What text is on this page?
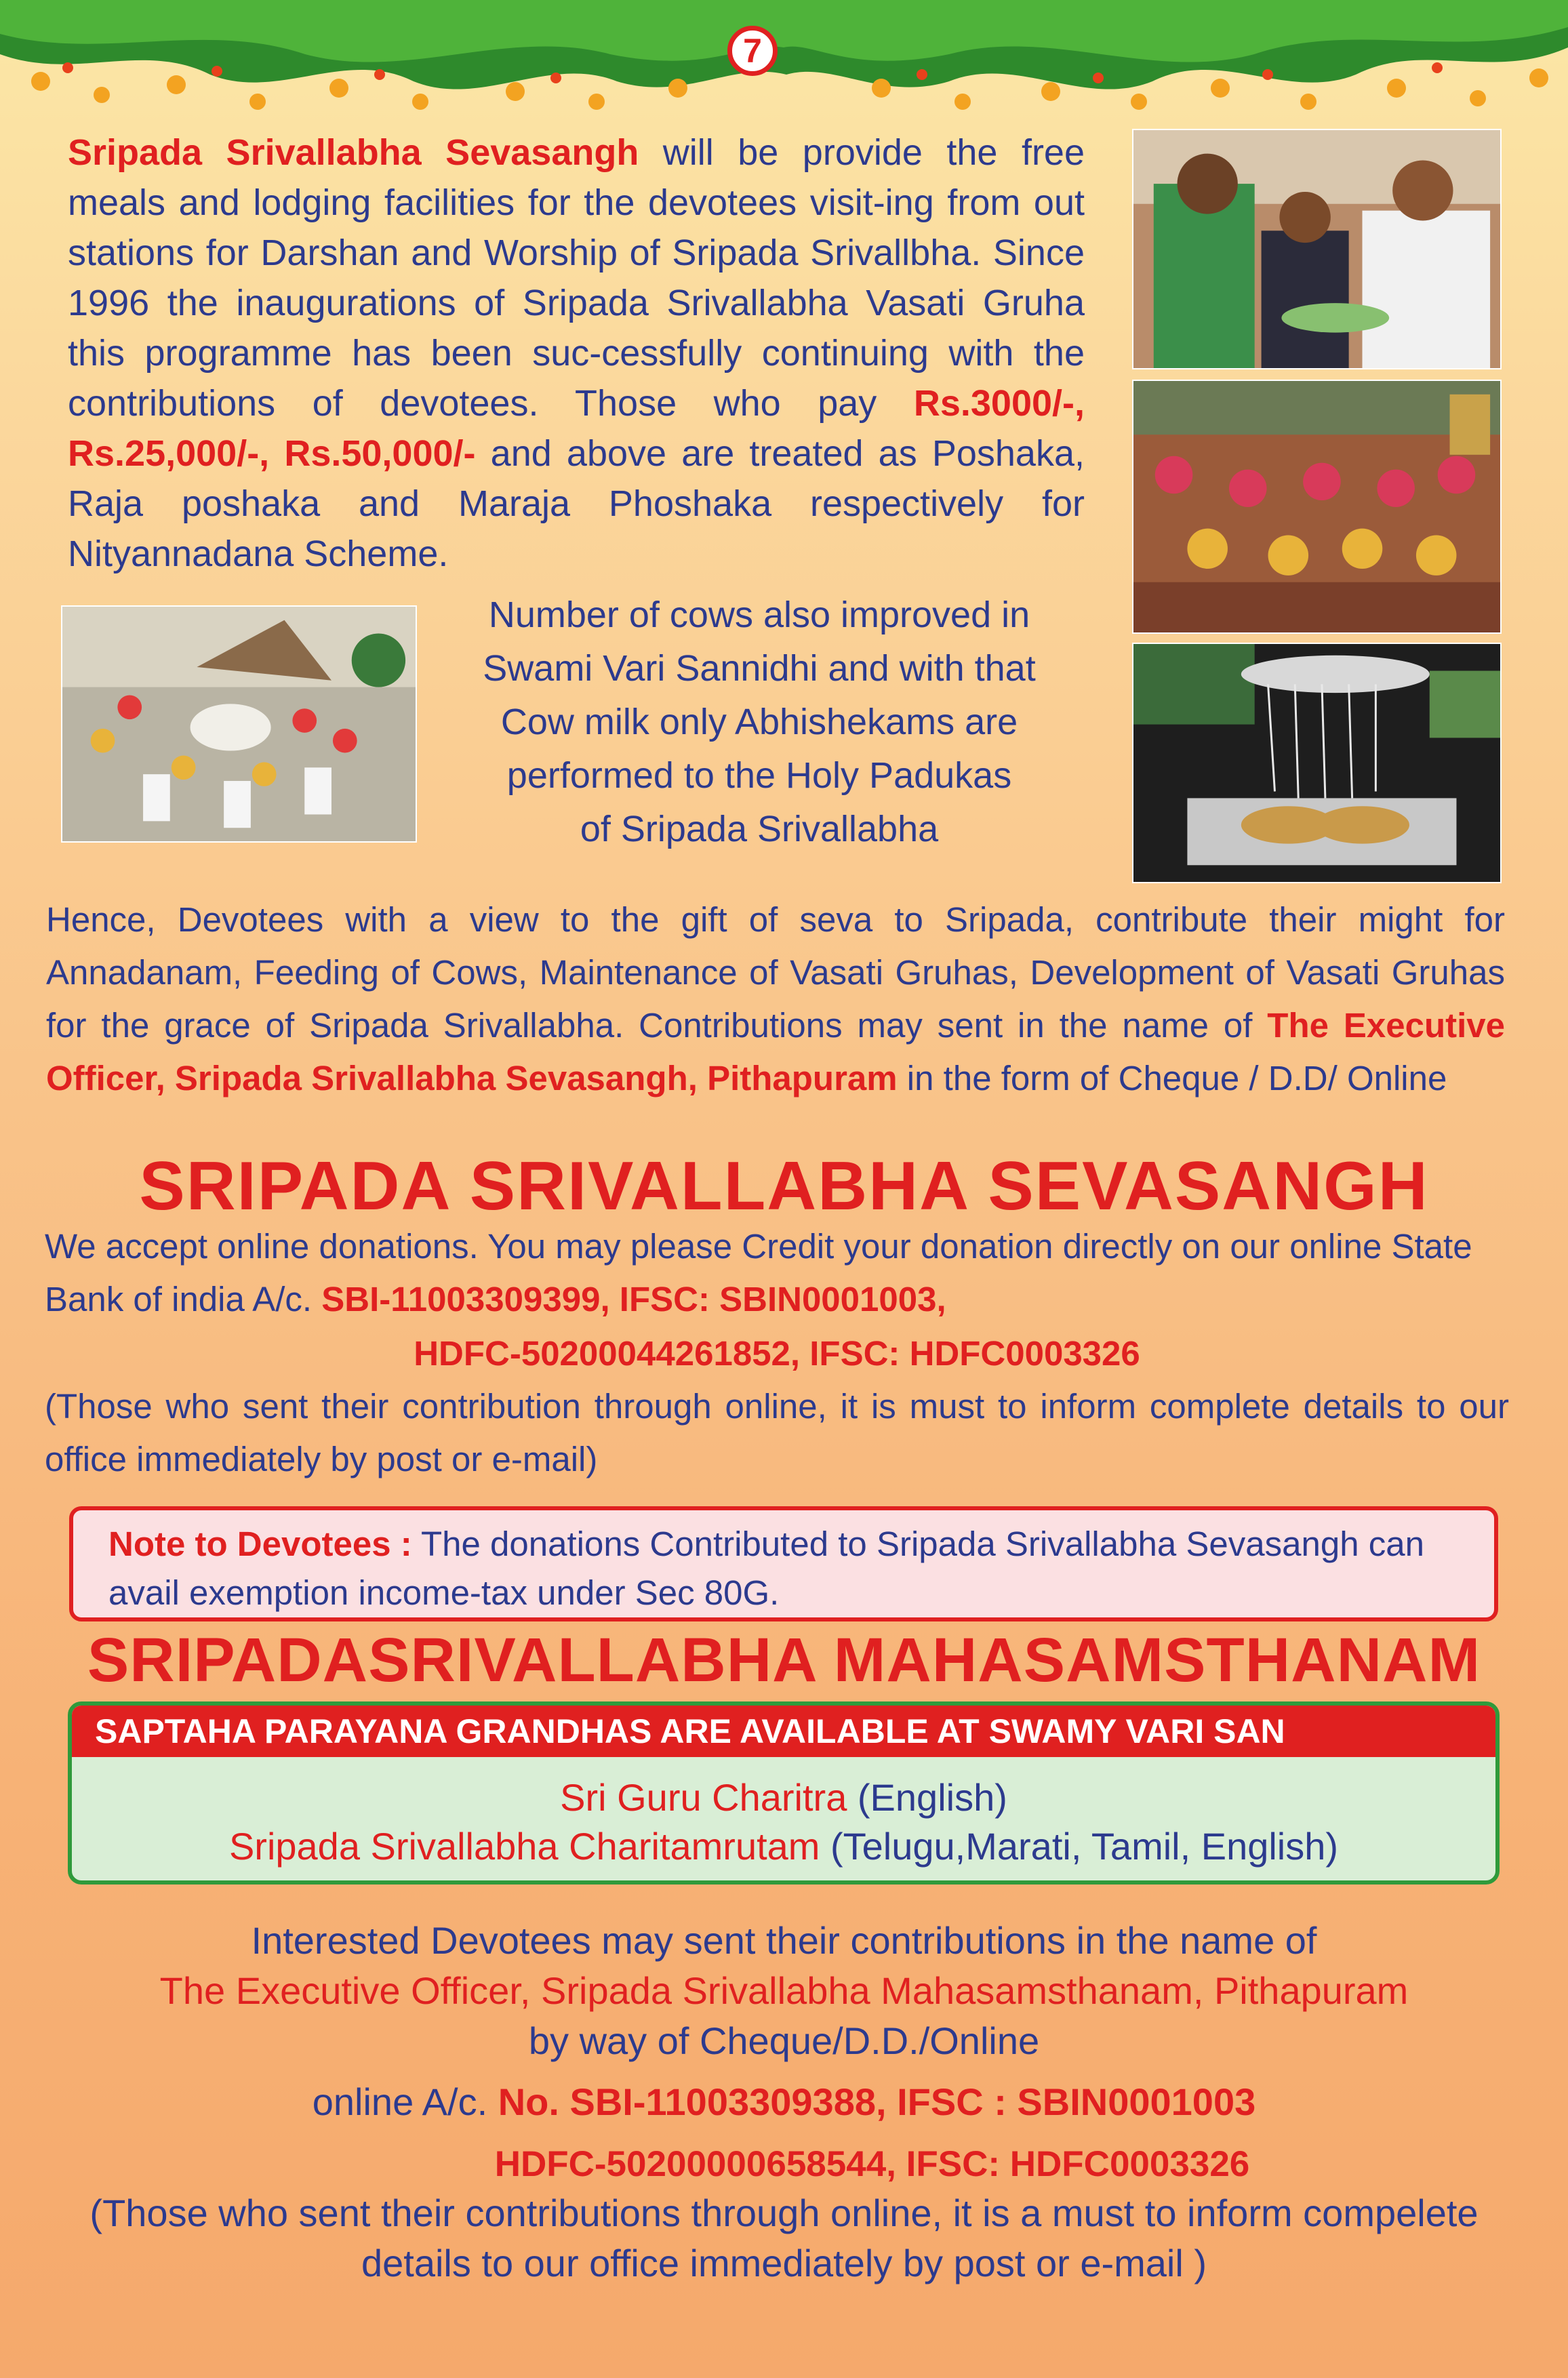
7
Sripada Srivallabha Sevasangh will be provide the free meals and lodging facilities for the devotees visit-ing from out stations for Darshan and Worship of Sripada Srivallbha. Since 1996 the inaugurations of Sripada Srivallabha Vasati Gruha this programme has been suc-cessfully continuing with the contributions of devotees. Those who pay Rs.3000/-, Rs.25,000/-, Rs.50,000/- and above are treated as Poshaka, Raja poshaka and Maraja Phoshaka respectively for Nityannadana Scheme.
Number of cows also improved in
Swami Vari Sannidhi and with that
Cow milk only Abhishekams are
performed to the Holy Padukas
of Sripada Srivallabha
Hence, Devotees with a view to the gift of seva to Sripada, contribute their might for Annadanam, Feeding of Cows, Maintenance of Vasati Gruhas, Development of Vasati Gruhas for the grace of Sripada Srivallabha. Contributions may sent in the name of The Executive Officer, Sripada Srivallabha Sevasangh, Pithapuram in the form of Cheque / D.D/ Online
SRIPADA SRIVALLABHA SEVASANGH
We accept online donations. You may please Credit your donation directly on our online State Bank of india A/c. SBI-11003309399, IFSC: SBIN0001003,
HDFC-50200044261852, IFSC: HDFC0003326
(Those who sent their contribution through online, it is must to inform complete details to our office immediately by post or e-mail)
Note to Devotees : The donations Contributed to Sripada Srivallabha Sevasangh can avail exemption income-tax under Sec 80G.
SRIPADASRIVALLABHA MAHASAMSTHANAM
SAPTAHA PARAYANA GRANDHAS ARE AVAILABLE AT SWAMY VARI SAN
Sri Guru Charitra (English)
Sripada Srivallabha Charitamrutam (Telugu,Marati, Tamil, English)
Interested Devotees may sent their contributions in the name of
The Executive Officer, Sripada Srivallabha Mahasamsthanam, Pithapuram
by way of Cheque/D.D./Online
online A/c. No. SBI-11003309388, IFSC : SBIN0001003
HDFC-50200000658544, IFSC: HDFC0003326
(Those who sent their contributions through online, it is a must to inform compelete details to our office immediately by post or e-mail )
